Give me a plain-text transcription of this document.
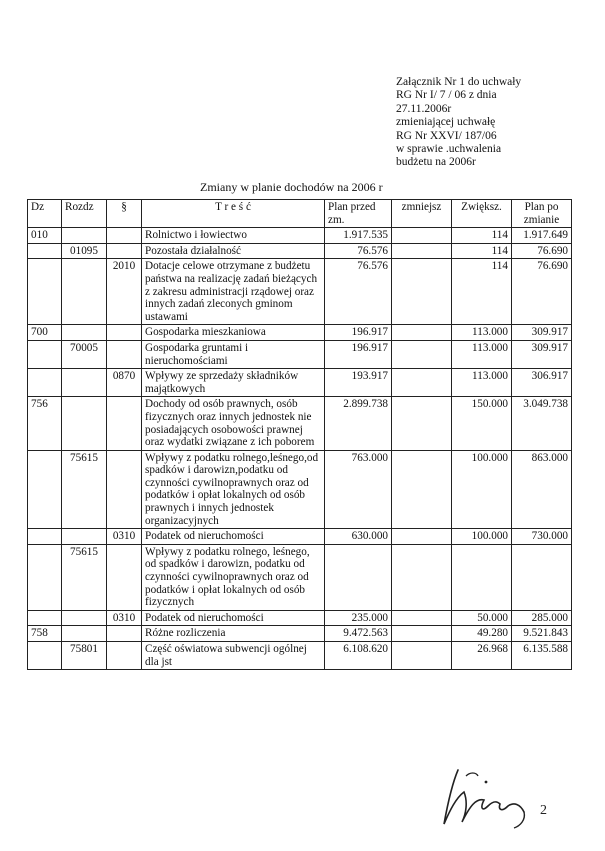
Załącznik Nr 1 do uchwały
RG Nr I/ 7 / 06 z dnia
27.11.2006r
zmieniającej uchwałę
RG Nr XXVI/ 187/06
w sprawie .uchwalenia
budżetu na 2006r
Zmiany w planie dochodów na 2006 r
Dz	Rozdz	§	T r e ś ć	Plan przed zm.	zmniejsz	Zwiększ.	Plan po zmianie
010			Rolnictwo i łowiectwo	1.917.535		114	1.917.649
	01095		Pozostała działalność	76.576		114	76.690
		2010	Dotacje celowe otrzymane z budżetu państwa na realizację zadań bieżących z zakresu administracji rządowej oraz innych zadań zleconych gminom ustawami	76.576		114	76.690
700			Gospodarka mieszkaniowa	196.917		113.000	309.917
	70005		Gospodarka gruntami i nieruchomościami	196.917		113.000	309.917
		0870	Wpływy ze sprzedaży składników majątkowych	193.917		113.000	306.917
756			Dochody od osób prawnych, osób fizycznych oraz innych jednostek nie posiadających osobowości prawnej oraz wydatki związane z ich poborem	2.899.738		150.000	3.049.738
	75615		Wpływy z podatku rolnego,leśnego,od spadków i darowizn,podatku od czynności cywilnoprawnych oraz od podatków i opłat lokalnych od osób prawnych i innych jednostek organizacyjnych	763.000		100.000	863.000
		0310	Podatek od nieruchomości	630.000		100.000	730.000
	75615		Wpływy z podatku rolnego, leśnego, od spadków i darowizn, podatku od czynności cywilnoprawnych oraz od podatków i opłat lokalnych od osób fizycznych				
		0310	Podatek od nieruchomości	235.000		50.000	285.000
758			Różne rozliczenia	9.472.563		49.280	9.521.843
	75801		Część oświatowa subwencji ogólnej dla jst	6.108.620		26.968	6.135.588
2
